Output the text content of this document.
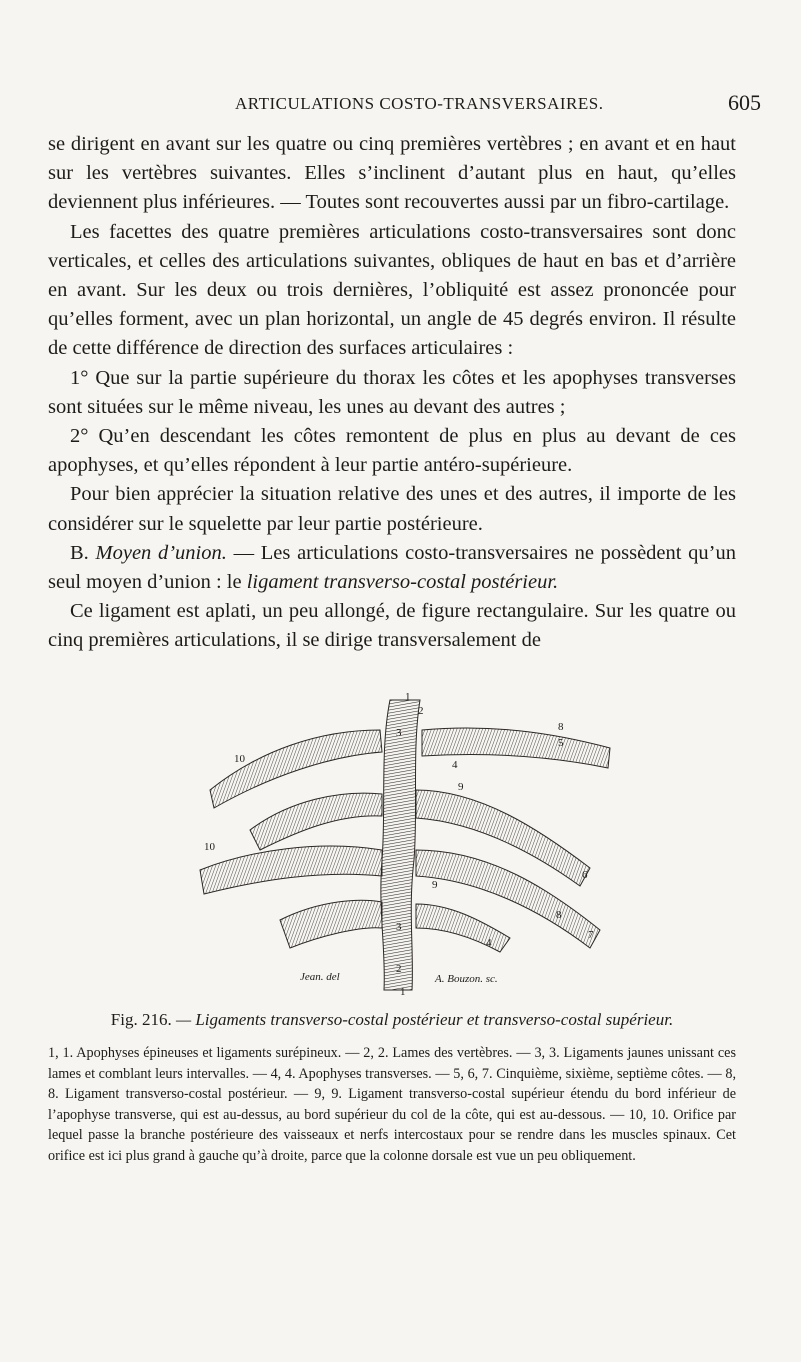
ARTICULATIONS COSTO-TRANSVERSAIRES.	605

se dirigent en avant sur les quatre ou cinq premières vertèbres ; en avant et en haut sur les vertèbres suivantes. Elles s’inclinent d’autant plus en haut, qu’elles deviennent plus inférieures. — Toutes sont recouvertes aussi par un fibro-cartilage.

Les facettes des quatre premières articulations costo-transversaires sont donc verticales, et celles des articulations suivantes, obliques de haut en bas et d’arrière en avant. Sur les deux ou trois dernières, l’obliquité est assez prononcée pour qu’elles forment, avec un plan horizontal, un angle de 45 degrés environ. Il résulte de cette différence de direction des surfaces articulaires :

1° Que sur la partie supérieure du thorax les côtes et les apophyses transverses sont situées sur le même niveau, les unes au devant des autres ;

2° Qu’en descendant les côtes remontent de plus en plus au devant de ces apophyses, et qu’elles répondent à leur partie antéro-supérieure.

Pour bien apprécier la situation relative des unes et des autres, il importe de les considérer sur le squelette par leur partie postérieure.

B. Moyen d’union. — Les articulations costo-transversaires ne possèdent qu’un seul moyen d’union : le ligament transverso-costal postérieur.

Ce ligament est aplati, un peu allongé, de figure rectangulaire. Sur les quatre ou cinq premières articulations, il se dirige transversalement de

1
2
3
4
5
6
7
8
9
10
1
2
3
4
8
9
10
Jean. del	A. Bouzon. sc.
Fig. 216. — Ligaments transverso-costal postérieur et transverso-costal supérieur.
1, 1. Apophyses épineuses et ligaments surépineux. — 2, 2. Lames des vertèbres. — 3, 3. Ligaments jaunes unissant ces lames et comblant leurs intervalles. — 4, 4. Apophyses transverses. — 5, 6, 7. Cinquième, sixième, septième côtes. — 8, 8. Ligament transverso-costal postérieur. — 9, 9. Ligament transverso-costal supérieur étendu du bord inférieur de l’apophyse transverse, qui est au-dessus, au bord supérieur du col de la côte, qui est au-dessous. — 10, 10. Orifice par lequel passe la branche postérieure des vaisseaux et nerfs intercostaux pour se rendre dans les muscles spinaux. Cet orifice est ici plus grand à gauche qu’à droite, parce que la colonne dorsale est vue un peu obliquement.
